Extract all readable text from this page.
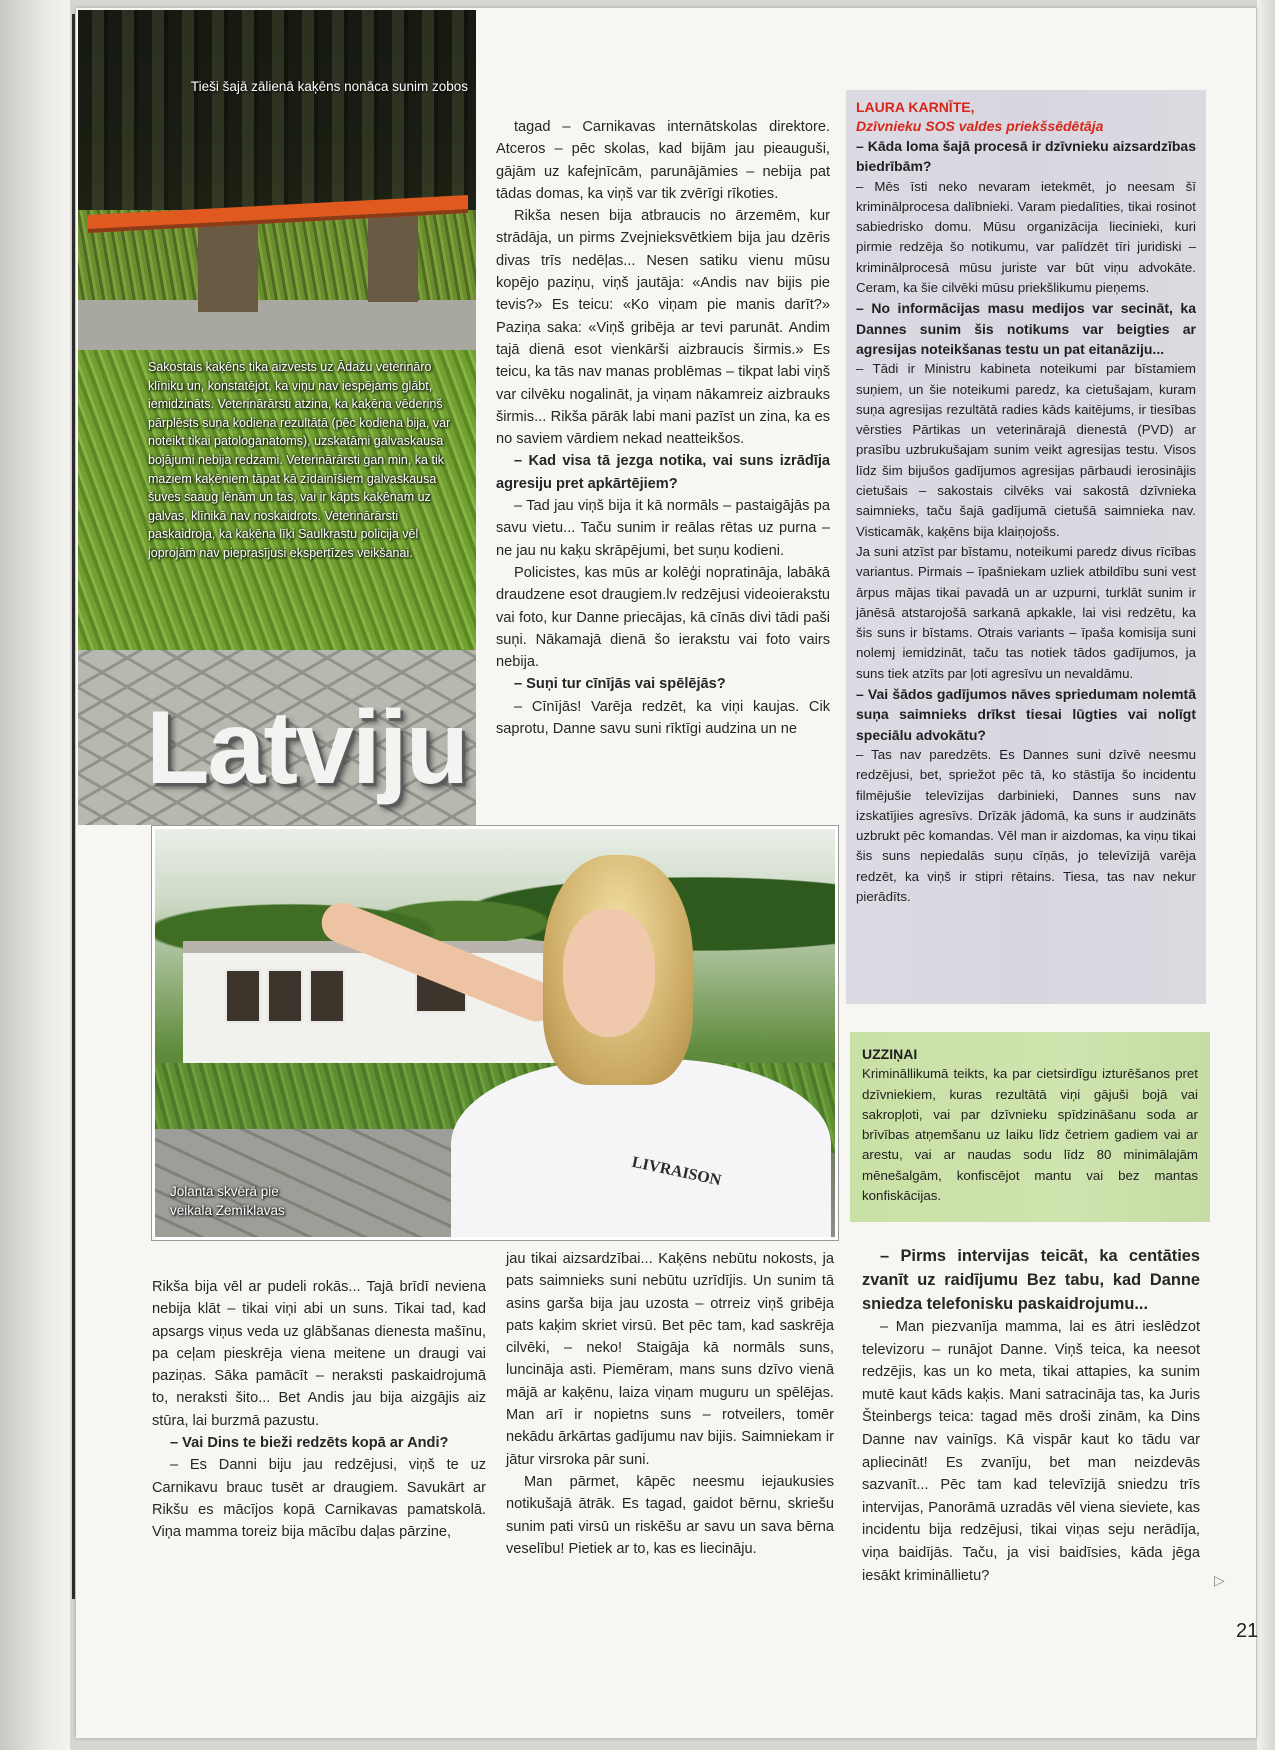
Tieši šajā zālienā kaķēns nonāca sunim zobos
Sakostais kaķēns tika aizvests uz Ādažu veterināro klīniku un, konstatējot, ka viņu nav iespējams glābt, iemidzināts. Veterinārārsti atzina, ka kaķēna vēderiņš pārplēsts suņa kodiena rezultātā (pēc kodiena bija, var noteikt tikai patologanatoms), uzskatāmi galvaskausa bojājumi nebija redzami. Veterinārārsti gan min, ka tik maziem kaķēniem tāpat kā zīdainīšiem galvaskausa šuves saaug lēnām un tas, vai ir kāpts kaķēnam uz galvas, klīnikā nav noskaidrots. Veterinārārsti paskaidroja, ka kaķēna līķi Saulkrastu policija vēl joprojām nav pieprasījusi ekspertīzes veikšanai.
Latviju

tagad – Carnikavas internātskolas direktore. Atceros – pēc skolas, kad bijām jau pieauguši, gājām uz kafejnīcām, parunājāmies – nebija pat tādas domas, ka viņš var tik zvērīgi rīkoties.

Rikša nesen bija atbraucis no ārzemēm, kur strādāja, un pirms Zvejnieksvētkiem bija jau dzēris divas trīs nedēļas... Nesen satiku vienu mūsu kopējo paziņu, viņš jautāja: «Andis nav bijis pie tevis?» Es teicu: «Ko viņam pie manis darīt?» Paziņa saka: «Viņš gribēja ar tevi parunāt. Andim tajā dienā esot vienkārši aizbraucis širmis.» Es teicu, ka tās nav manas problēmas – tikpat labi viņš var cilvēku nogalināt, ja viņam nākamreiz aizbrauks širmis... Rikša pārāk labi mani pazīst un zina, ka es no saviem vārdiem nekad neatteikšos.

– Kad visa tā jezga notika, vai suns izrādīja agresiju pret apkārtējiem?

– Tad jau viņš bija it kā normāls – pastaigājās pa savu vietu... Taču sunim ir reālas rētas uz purna – ne jau nu kaķu skrāpējumi, bet suņu kodieni.

Policistes, kas mūs ar kolēģi nopratināja, labākā draudzene esot draugiem.lv redzējusi videoierakstu vai foto, kur Danne priecājas, kā cīnās divi tādi paši suņi. Nākamajā dienā šo ierakstu vai foto vairs nebija.

– Suņi tur cīnījās vai spēlējās?

– Cīnījās! Varēja redzēt, ka viņi kaujas. Cik saprotu, Danne savu suni rīktīgi audzina un ne

LIVRAISON
Jolanta skvērā pie
veikala Zemīklavas

Rikša bija vēl ar pudeli rokās... Tajā brīdī neviena nebija klāt – tikai viņi abi un suns. Tikai tad, kad apsargs viņus veda uz glābšanas dienesta mašīnu, pa ceļam pieskrēja viena meitene un draugi vai paziņas. Sāka pamācīt – neraksti paskaidrojumā to, neraksti šito... Bet Andis jau bija aizgājis aiz stūra, lai burzmā pazustu.

– Vai Dins te bieži redzēts kopā ar Andi?

– Es Danni biju jau redzējusi, viņš te uz Carnikavu brauc tusēt ar draugiem. Savukārt ar Rikšu es mācījos kopā Carnikavas pamatskolā. Viņa mamma toreiz bija mācību daļas pārzine,

jau tikai aizsardzībai... Kaķēns nebūtu nokosts, ja pats saimnieks suni nebūtu uzrīdījis. Un sunim tā asins garša bija jau uzosta – otrreiz viņš gribēja pats kaķim skriet virsū. Bet pēc tam, kad saskrēja cilvēki, – neko! Staigāja kā normāls suns, luncināja asti. Piemēram, mans suns dzīvo vienā mājā ar kaķēnu, laiza viņam muguru un spēlējas. Man arī ir nopietns suns – rotveilers, tomēr nekādu ārkārtas gadījumu nav bijis. Saimniekam ir jātur virsroka pār suni.

Man pārmet, kāpēc neesmu iejaukusies notikušajā ātrāk. Es tagad, gaidot bērnu, skriešu sunim pati virsū un riskēšu ar savu un sava bērna veselību! Pietiek ar to, kas es liecināju.

– Pirms intervijas teicāt, ka centāties zvanīt uz raidījumu Bez tabu, kad Danne sniedza telefonisku paskaidrojumu...

– Man piezvanīja mamma, lai es ātri ieslēdzot televizoru – runājot Danne. Viņš teica, ka neesot redzējis, kas un ko meta, tikai attapies, ka sunim mutē kaut kāds kaķis. Mani satracināja tas, ka Juris Šteinbergs teica: tagad mēs droši zinām, ka Dins Danne nav vainīgs. Kā vispār kaut ko tādu var apliecināt! Es zvanīju, bet man neizdevās sazvanīt... Pēc tam kad televīzijā sniedzu trīs intervijas, Panorāmā uzradās vēl viena sieviete, kas incidentu bija redzējusi, tikai viņas seju nerādīja, viņa baidījās. Taču, ja visi baidīsies, kāda jēga iesākt krimināllietu?

LAURA KARNĪTE,
Dzīvnieku SOS valdes priekšsēdētāja

– Kāda loma šajā procesā ir dzīvnieku aizsardzības biedrībām?

– Mēs īsti neko nevaram ietekmēt, jo neesam šī kriminālprocesa dalībnieki. Varam piedalīties, tikai rosinot sabiedrisko domu. Mūsu organizācija liecinieki, kuri pirmie redzēja šo notikumu, var palīdzēt tīri juridiski – kriminālprocesā mūsu juriste var būt viņu advokāte. Ceram, ka šie cilvēki mūsu priekšlikumu pieņems.

– No informācijas masu medijos var secināt, ka Dannes sunim šis notikums var beigties ar agresijas noteikšanas testu un pat eitanāziju...

– Tādi ir Ministru kabineta noteikumi par bīstamiem suņiem, un šie noteikumi paredz, ka cietušajam, kuram suņa agresijas rezultātā radies kāds kaitējums, ir tiesības vērsties Pārtikas un veterinārajā dienestā (PVD) ar prasību uzbrukušajam sunim veikt agresijas testu. Visos līdz šim bijušos gadījumos agresijas pārbaudi ierosinājis cietušais – sakostais cilvēks vai sakostā dzīvnieka saimnieks, taču šajā gadījumā cietušā saimnieka nav. Visticamāk, kaķēns bija klaiņojošs.

Ja suni atzīst par bīstamu, noteikumi paredz divus rīcības variantus. Pirmais – īpašniekam uzliek atbildību suni vest ārpus mājas tikai pavadā un ar uzpurni, turklāt sunim ir jānēsā atstarojošā sarkanā apkakle, lai visi redzētu, ka šis suns ir bīstams. Otrais variants – īpaša komisija suni nolemj iemidzināt, taču tas notiek tādos gadījumos, ja suns tiek atzīts par ļoti agresīvu un nevaldāmu.

– Vai šādos gadījumos nāves spriedumam nolemtā suņa saimnieks drīkst tiesai lūgties vai nolīgt speciālu advokātu?

– Tas nav paredzēts. Es Dannes suni dzīvē neesmu redzējusi, bet, spriežot pēc tā, ko stāstīja šo incidentu filmējušie televīzijas darbinieki, Dannes suns nav izskatījies agresīvs. Drīzāk jādomā, ka suns ir audzināts uzbrukt pēc komandas. Vēl man ir aizdomas, ka viņu tikai šis suns nepiedalās suņu cīņās, jo televīzijā varēja redzēt, ka viņš ir stipri rētains. Tiesa, tas nav nekur pierādīts.

UZZIŅAI
Krimināllikumā teikts, ka par cietsirdīgu izturēšanos pret dzīvniekiem, kuras rezultātā viņi gājuši bojā vai sakropļoti, vai par dzīvnieku spīdzināšanu soda ar brīvības atņemšanu uz laiku līdz četriem gadiem vai ar arestu, vai ar naudas sodu līdz 80 minimālajām mēnešalgām, konfiscējot mantu vai bez mantas konfiskācijas.
▷
21
